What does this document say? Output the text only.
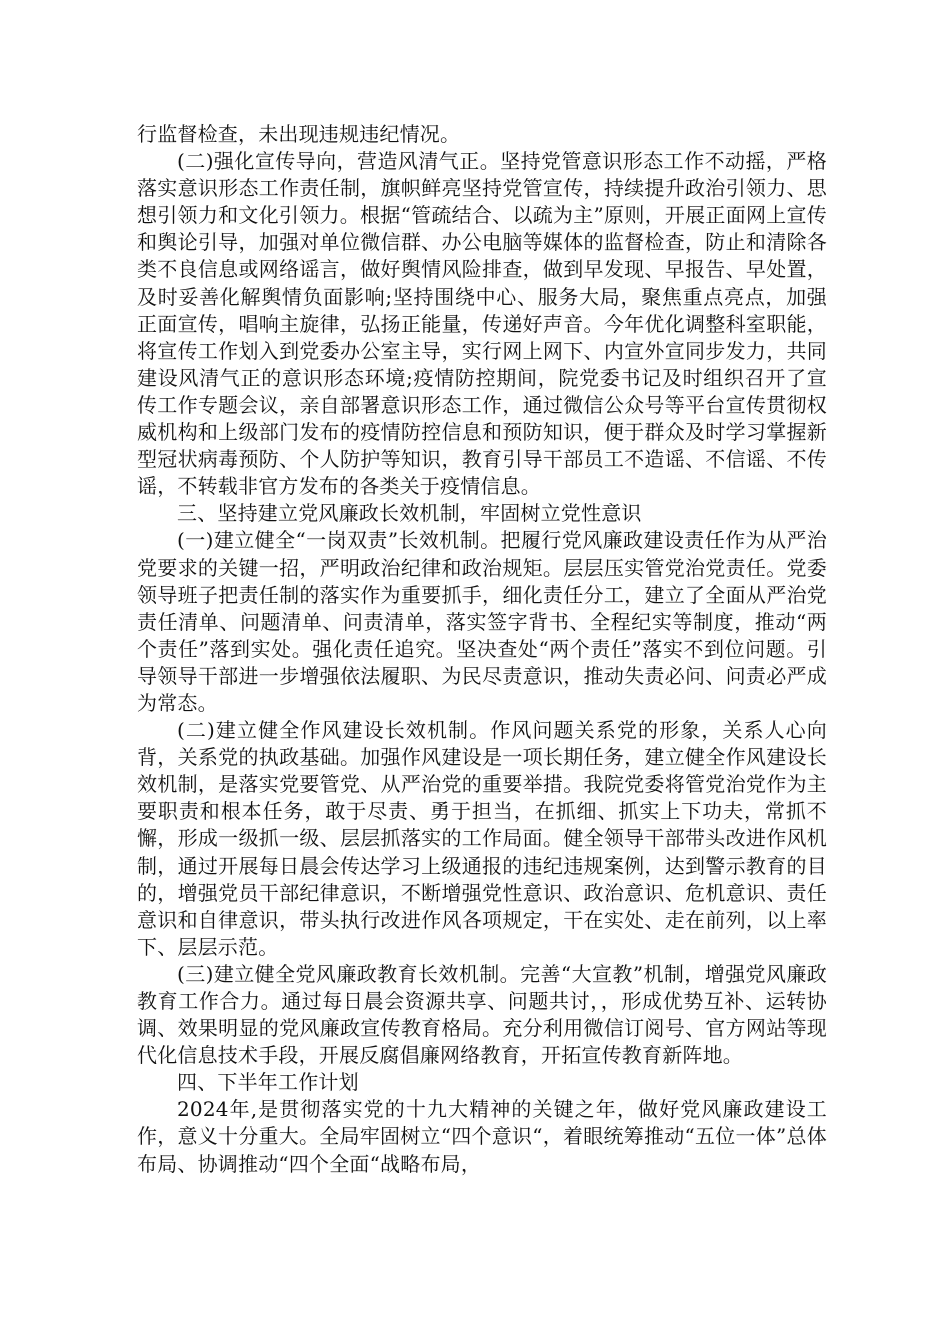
行监督检查，未出现违规违纪情况。

(二)强化宣传导向，营造风清气正。坚持党管意识形态工作不动摇，严格落实意识形态工作责任制，旗帜鲜亮坚持党管宣传，持续提升政治引领力、思想引领力和文化引领力。根据“管疏结合、以疏为主”原则，开展正面网上宣传和舆论引导，加强对单位微信群、办公电脑等媒体的监督检查，防止和清除各类不良信息或网络谣言，做好舆情风险排查，做到早发现、早报告、早处置，及时妥善化解舆情负面影响;坚持围绕中心、服务大局，聚焦重点亮点，加强正面宣传，唱响主旋律，弘扬正能量，传递好声音。今年优化调整科室职能，将宣传工作划入到党委办公室主导，实行网上网下、内宣外宣同步发力，共同建设风清气正的意识形态环境;疫情防控期间，院党委书记及时组织召开了宣传工作专题会议，亲自部署意识形态工作，通过微信公众号等平台宣传贯彻权威机构和上级部门发布的疫情防控信息和预防知识，便于群众及时学习掌握新型冠状病毒预防、个人防护等知识，教育引导干部员工不造谣、不信谣、不传谣，不转载非官方发布的各类关于疫情信息。

三、坚持建立党风廉政长效机制，牢固树立党性意识

(一)建立健全“一岗双责”长效机制。把履行党风廉政建设责任作为从严治党要求的关键一招，严明政治纪律和政治规矩。层层压实管党治党责任。党委领导班子把责任制的落实作为重要抓手，细化责任分工，建立了全面从严治党责任清单、问题清单、问责清单，落实签字背书、全程纪实等制度，推动“两个责任”落到实处。强化责任追究。坚决查处“两个责任”落实不到位问题。引导领导干部进一步增强依法履职、为民尽责意识，推动失责必问、问责必严成为常态。

(二)建立健全作风建设长效机制。作风问题关系党的形象，关系人心向背，关系党的执政基础。加强作风建设是一项长期任务，建立健全作风建设长效机制，是落实党要管党、从严治党的重要举措。我院党委将管党治党作为主要职责和根本任务，敢于尽责、勇于担当，在抓细、抓实上下功夫，常抓不懈，形成一级抓一级、层层抓落实的工作局面。健全领导干部带头改进作风机制，通过开展每日晨会传达学习上级通报的违纪违规案例，达到警示教育的目的，增强党员干部纪律意识，不断增强党性意识、政治意识、危机意识、责任意识和自律意识，带头执行改进作风各项规定，干在实处、走在前列，以上率下、层层示范。

(三)建立健全党风廉政教育长效机制。完善“大宣教”机制，增强党风廉政教育工作合力。通过每日晨会资源共享、问题共讨，，形成优势互补、运转协调、效果明显的党风廉政宣传教育格局。充分利用微信订阅号、官方网站等现代化信息技术手段，开展反腐倡廉网络教育，开拓宣传教育新阵地。

四、下半年工作计划

2024年,是贯彻落实党的十九大精神的关键之年，做好党风廉政建设工作，意义十分重大。全局牢固树立“四个意识“，着眼统筹推动“五位一体”总体布局、协调推动“四个全面“战略布局，
